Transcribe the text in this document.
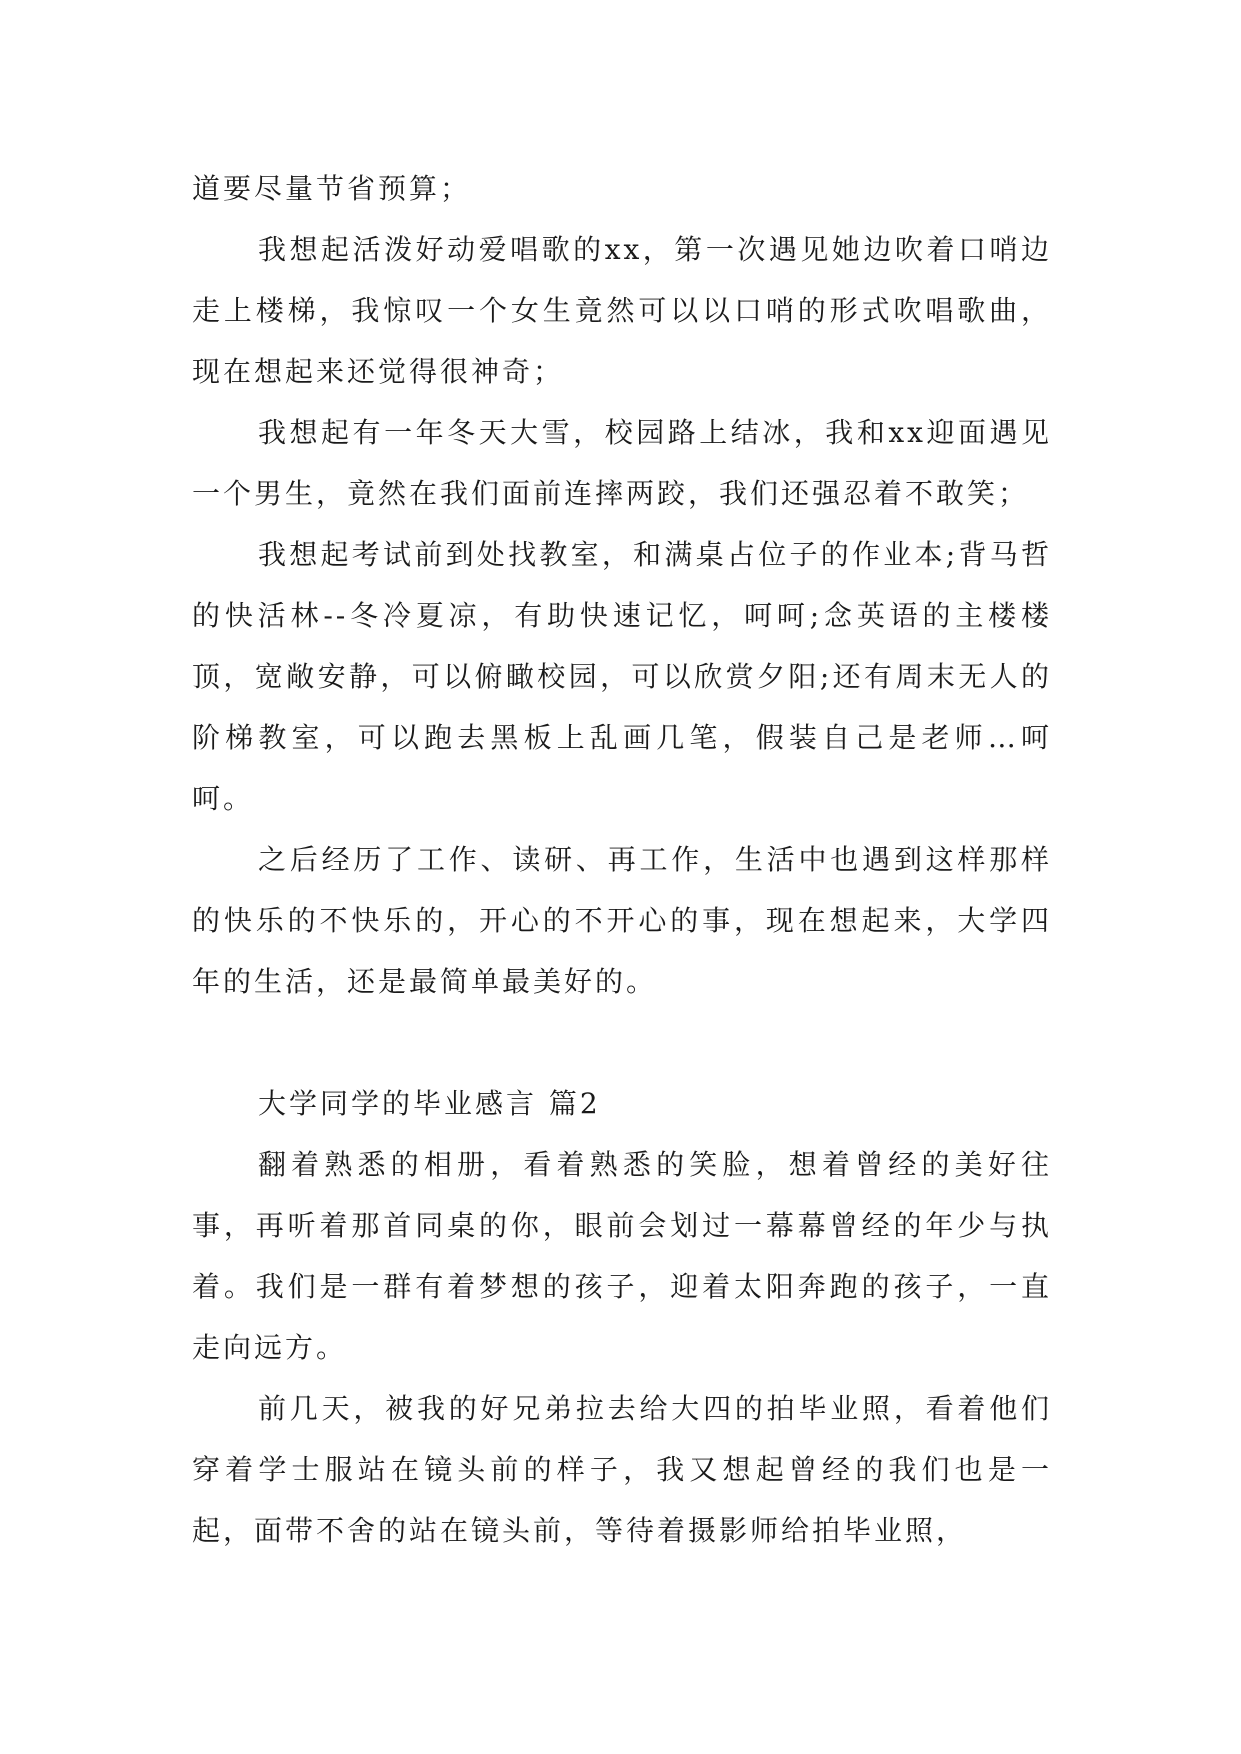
道要尽量节省预算；

我想起活泼好动爱唱歌的xx，第一次遇见她边吹着口哨边走上楼梯，我惊叹一个女生竟然可以以口哨的形式吹唱歌曲，现在想起来还觉得很神奇；

我想起有一年冬天大雪，校园路上结冰，我和xx迎面遇见一个男生，竟然在我们面前连摔两跤，我们还强忍着不敢笑；

我想起考试前到处找教室，和满桌占位子的作业本;背马哲的快活林--冬冷夏凉，有助快速记忆，呵呵;念英语的主楼楼顶，宽敞安静，可以俯瞰校园，可以欣赏夕阳;还有周末无人的阶梯教室，可以跑去黑板上乱画几笔，假装自己是老师…呵呵。

之后经历了工作、读研、再工作，生活中也遇到这样那样的快乐的不快乐的，开心的不开心的事，现在想起来，大学四年的生活，还是最简单最美好的。

大学同学的毕业感言 篇2

翻着熟悉的相册，看着熟悉的笑脸，想着曾经的美好往事，再听着那首同桌的你，眼前会划过一幕幕曾经的年少与执着。我们是一群有着梦想的孩子，迎着太阳奔跑的孩子，一直走向远方。

前几天，被我的好兄弟拉去给大四的拍毕业照，看着他们穿着学士服站在镜头前的样子，我又想起曾经的我们也是一起，面带不舍的站在镜头前，等待着摄影师给拍毕业照，
